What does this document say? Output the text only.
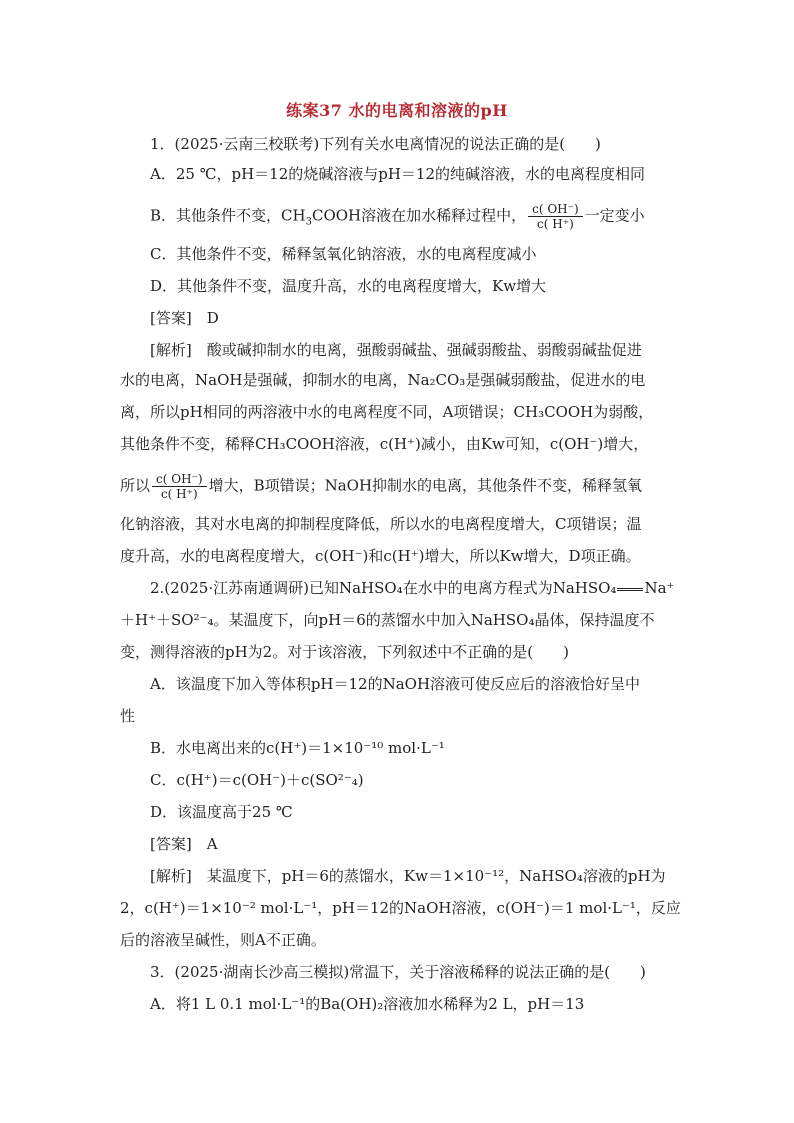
练案37 水的电离和溶液的pH
1．(2025·云南三校联考)下列有关水电离情况的说法正确的是(　　)
A．25 ℃，pH＝12的烧碱溶液与pH＝12的纯碱溶液，水的电离程度相同
B．其他条件不变，$CH_3COOH$溶液在加水稀释过程中， $\frac{c( OH^-)}{c( H^+)}$ 一定变小
C．其他条件不变，稀释氢氧化钠溶液，水的电离程度减小
D．其他条件不变，温度升高，水的电离程度增大，Kw增大
[答案]　D
[解析]　酸或碱抑制水的电离，强酸弱碱盐、强碱弱酸盐、弱酸弱碱盐促进
水的电离，NaOH是强碱，抑制水的电离，Na₂CO₃是强碱弱酸盐，促进水的电
离，所以pH相同的两溶液中水的电离程度不同，A项错误；CH₃COOH为弱酸，
其他条件不变，稀释CH₃COOH溶液，c(H⁺)减小，由Kw可知，c(OH⁻)增大，
所以 $\frac{c( OH^-)}{c( H^+)}$ 增大，B项错误；NaOH抑制水的电离，其他条件不变，稀释氢氧
化钠溶液，其对水电离的抑制程度降低，所以水的电离程度增大，C项错误；温
度升高，水的电离程度增大，c(OH⁻)和c(H⁺)增大，所以Kw增大，D项正确。
2.(2025·江苏南通调研)已知NaHSO₄在水中的电离方程式为NaHSO₄ Na⁺
＋H⁺＋SO²⁻₄。某温度下，向pH＝6的蒸馏水中加入NaHSO₄晶体，保持温度不
变，测得溶液的pH为2。对于该溶液，下列叙述中不正确的是(　　)
A．该温度下加入等体积pH＝12的NaOH溶液可使反应后的溶液恰好呈中
性
B．水电离出来的c(H⁺)＝1×10⁻¹⁰ mol·L⁻¹
C．c(H⁺)＝c(OH⁻)＋c(SO²⁻₄)
D．该温度高于25 ℃
[答案]　A
[解析]　某温度下，pH＝6的蒸馏水，Kw＝1×10⁻¹²，NaHSO₄溶液的pH为
2，c(H⁺)＝1×10⁻² mol·L⁻¹，pH＝12的NaOH溶液，c(OH⁻)＝1 mol·L⁻¹，反应
后的溶液呈碱性，则A不正确。
3．(2025·湖南长沙高三模拟)常温下，关于溶液稀释的说法正确的是(　　)
A．将1 L 0.1 mol·L⁻¹的Ba(OH)₂溶液加水稀释为2 L，pH＝13
